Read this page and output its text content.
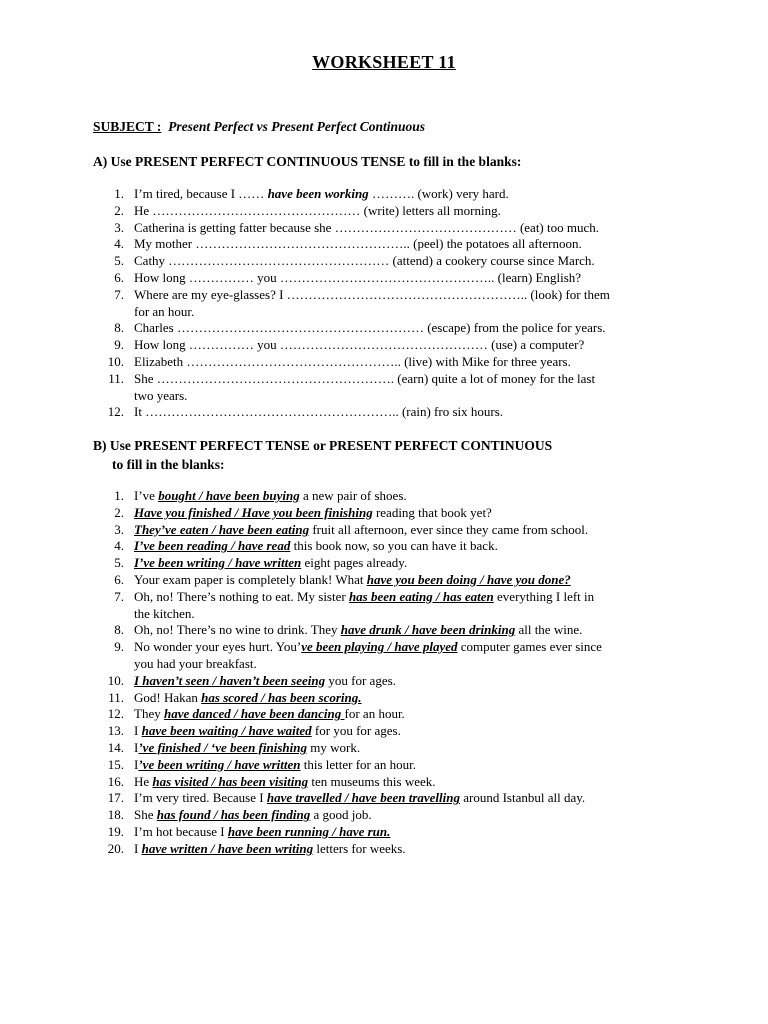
WORKSHEET 11
SUBJECT : Present Perfect vs Present Perfect Continuous
A) Use PRESENT PERFECT CONTINUOUS TENSE to fill in the blanks:
1. I’m tired, because I …… have been working ………. (work) very hard.
2. He ………………………………………… (write) letters all morning.
3. Catherina is getting fatter because she …………………………………… (eat) too much.
4. My mother ………………………………………….. (peel) the potatoes all afternoon.
5. Cathy …………………………………………… (attend) a cookery course since March.
6. How long …………… you ………………………………………….. (learn) English?
7. Where are my eye-glasses? I ……………………………………………….. (look) for them
for an hour.
8. Charles ………………………………………………… (escape) from the police for years.
9. How long …………… you ………………………………………… (use) a computer?
10. Elizabeth ………………………………………….. (live) with Mike for three years.
11. She ………………………………………………. (earn) quite a lot of money for the last
two years.
12. It ………………………………………………….. (rain) fro six hours.
B) Use PRESENT PERFECT TENSE or PRESENT PERFECT CONTINUOUS
to fill in the blanks:
1. I’ve bought / have been buying a new pair of shoes.
2. Have you finished / Have you been finishing reading that book yet?
3. They’ve eaten / have been eating fruit all afternoon, ever since they came from school.
4. I’ve been reading / have read this book now, so you can have it back.
5. I’ve been writing / have written eight pages already.
6. Your exam paper is completely blank! What have you been doing / have you done?
7. Oh, no! There’s nothing to eat. My sister has been eating / has eaten everything I left in
the kitchen.
8. Oh, no! There’s no wine to drink. They have drunk / have been drinking all the wine.
9. No wonder your eyes hurt. You’ve been playing / have played computer games ever since
you had your breakfast.
10. I haven’t seen / haven’t been seeing you for ages.
11. God! Hakan has scored / has been scoring.
12. They have danced / have been dancing for an hour.
13. I have been waiting / have waited for you for ages.
14. I’ve finished / ‘ve been finishing my work.
15. I’ve been writing / have written this letter for an hour.
16. He has visited / has been visiting ten museums this week.
17. I’m very tired. Because I have travelled / have been travelling around Istanbul all day.
18. She has found / has been finding a good job.
19. I’m hot because I have been running / have run.
20. I have written / have been writing letters for weeks.
